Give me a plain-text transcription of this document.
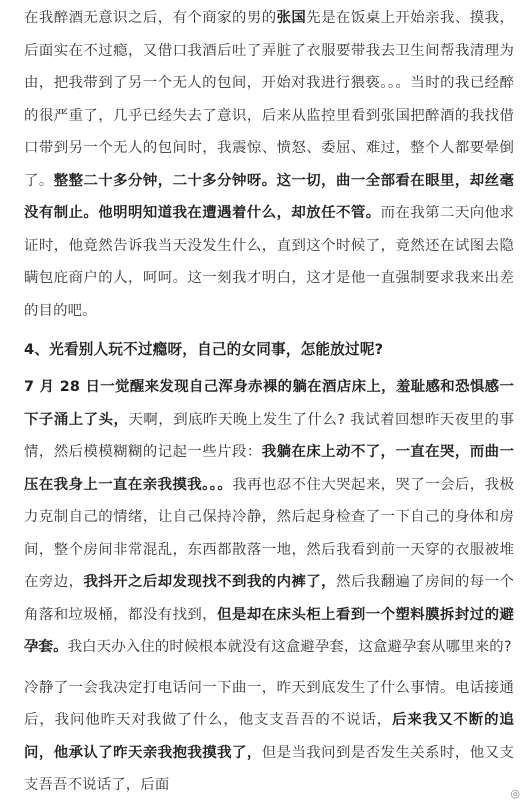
在我醉酒无意识之后，有个商家的男的张国先是在饭桌上开始亲我、摸我，后面实在不过瘾，又借口我酒后吐了弄脏了衣服要带我去卫生间帮我清理为由，把我带到了另一个无人的包间，开始对我进行猥亵。。。当时的我已经醉的很严重了，几乎已经失去了意识，后来从监控里看到张国把醉酒的我找借口带到另一个无人的包间时，我震惊、愤怒、委屈、难过，整个人都要晕倒了。整整二十多分钟，二十多分钟呀。这一切，曲一全部看在眼里，却丝毫没有制止。他明明知道我在遭遇着什么，却放任不管。而在我第二天向他求证时，他竟然告诉我当天没发生什么，直到这个时候了，竟然还在试图去隐瞒包庇商户的人，呵呵。这一刻我才明白，这才是他一直强制要求我来出差的目的吧。

4、光看别人玩不过瘾呀，自己的女同事，怎能放过呢?

7 月 28 日一觉醒来发现自己浑身赤裸的躺在酒店床上，羞耻感和恐惧感一下子涌上了头，天啊，到底昨天晚上发生了什么? 我试着回想昨天夜里的事情，然后模模糊糊的记起一些片段：我躺在床上动不了，一直在哭，而曲一压在我身上一直在亲我摸我。。。我再也忍不住大哭起来，哭了一会后，我极力克制自己的情绪，让自己保持冷静，然后起身检查了一下自己的身体和房间，整个房间非常混乱，东西都散落一地，然后我看到前一天穿的衣服被堆在旁边，我抖开之后却发现找不到我的内裤了，然后我翻遍了房间的每一个角落和垃圾桶，都没有找到，但是却在床头柜上看到一个塑料膜拆封过的避孕套。我白天办入住的时候根本就没有这盒避孕套，这盒避孕套从哪里来的?

冷静了一会我决定打电话问一下曲一，昨天到底发生了什么事情。电话接通后，我问他昨天对我做了什么，他支支吾吾的不说话，后来我又不断的追问，他承认了昨天亲我抱我摸我了，但是当我问到是否发生关系时，他又支支吾吾不说话了，后面

◎
